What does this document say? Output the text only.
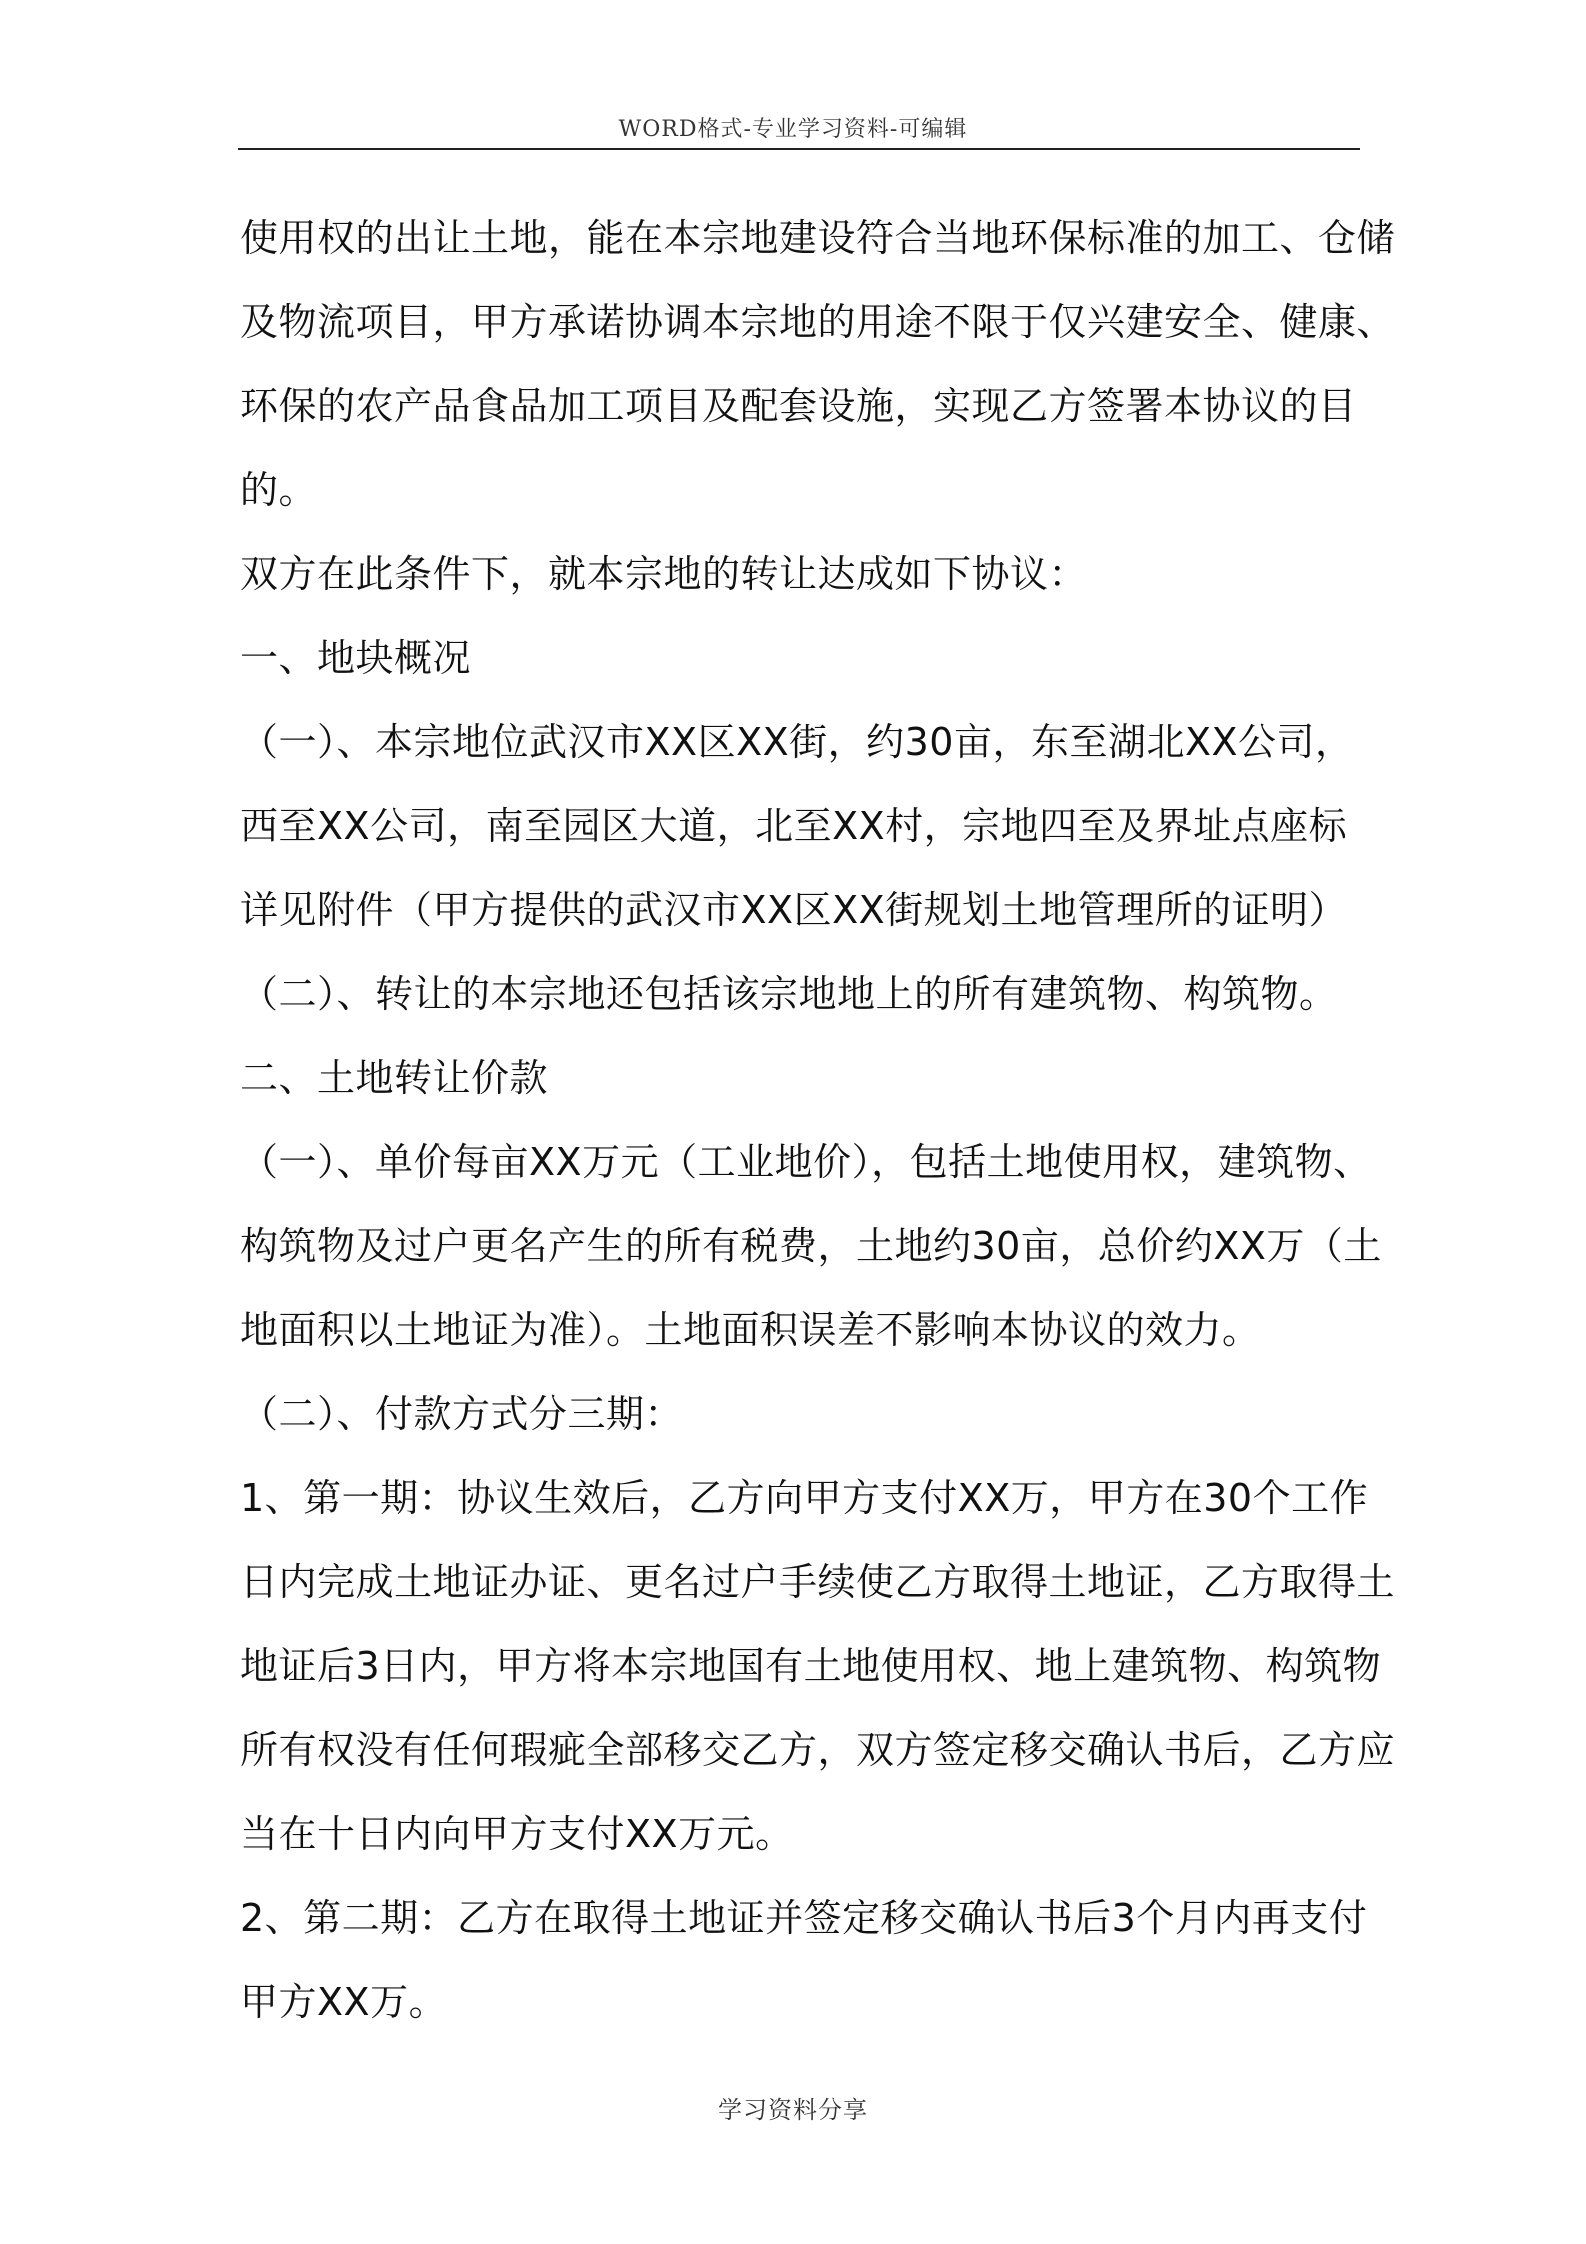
WORD格式-专业学习资料-可编辑
使用权的出让土地，能在本宗地建设符合当地环保标准的加工、仓储
及物流项目，甲方承诺协调本宗地的用途不限于仅兴建安全、健康、
环保的农产品食品加工项目及配套设施，实现乙方签署本协议的目
的。
双方在此条件下，就本宗地的转让达成如下协议：
一、地块概况
（一）、本宗地位武汉市XX区XX街，约30亩，东至湖北XX公司，
西至XX公司，南至园区大道，北至XX村，宗地四至及界址点座标
详见附件（甲方提供的武汉市XX区XX街规划土地管理所的证明）
（二）、转让的本宗地还包括该宗地地上的所有建筑物、构筑物。
二、土地转让价款
（一）、单价每亩XX万元（工业地价），包括土地使用权，建筑物、
构筑物及过户更名产生的所有税费，土地约30亩，总价约XX万（土
地面积以土地证为准）。土地面积误差不影响本协议的效力。
（二）、付款方式分三期：
1、第一期：协议生效后，乙方向甲方支付XX万，甲方在30个工作
日内完成土地证办证、更名过户手续使乙方取得土地证，乙方取得土
地证后3日内，甲方将本宗地国有土地使用权、地上建筑物、构筑物
所有权没有任何瑕疵全部移交乙方，双方签定移交确认书后，乙方应
当在十日内向甲方支付XX万元。
2、第二期：乙方在取得土地证并签定移交确认书后3个月内再支付
甲方XX万。
学习资料分享
